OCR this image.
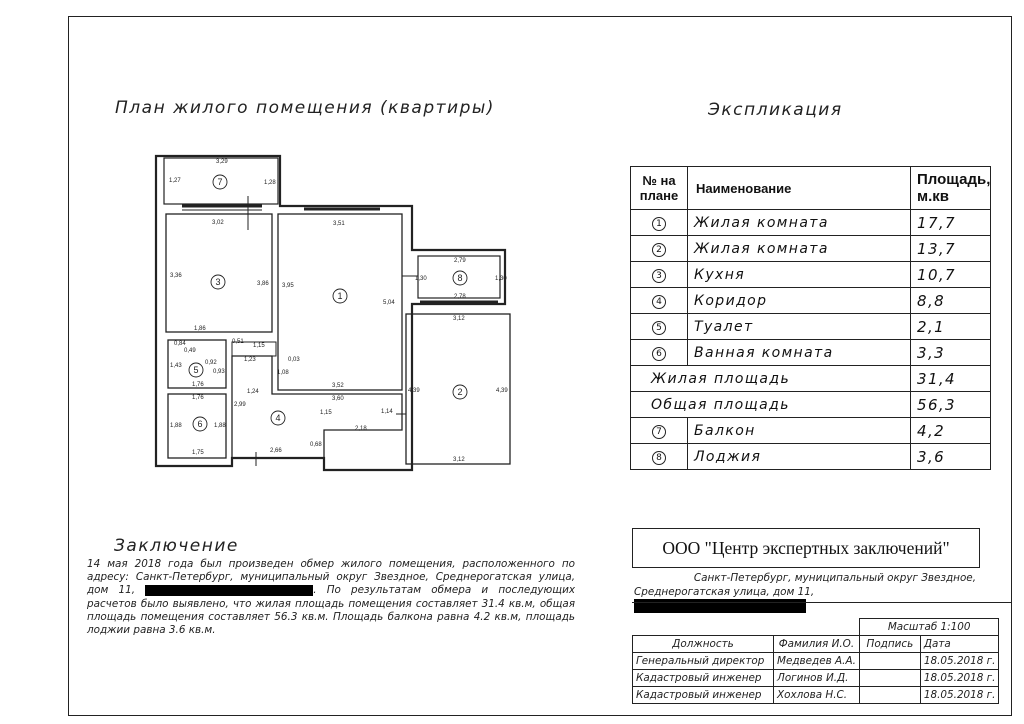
План жилого помещения (квартиры)	Экспликация
1
2
3
4
5
6
7
8
3,29
1,27	1,28
3,02
3,36
3,86
1,86
3,51
3,95
5,04
3,52
2,79
2,78
1,30	1,30
3,12
4,39	4,39
3,12
0,84
0,49
0,92
1,43
0,93
1,76
1,76
1,88	1,88
1,75
0,51
1,15
1,23	0,03
1,08
1,24
2,99
3,60
1,15	1,14
2,18
0,68
2,66
№ на плане	Наименование	Площадь, м.кв
1	Жилая комната	17,7
2	Жилая комната	13,7
3	Кухня	10,7
4	Коридор	8,8
5	Туалет	2,1
6	Ванная комната	3,3
Жилая площадь		31,4
Общая площадь		56,3
7	Балкон	4,2
8	Лоджия	3,6
Заключение

14 мая 2018 года был произведен обмер жилого помещения, расположенного по адресу: Санкт-Петербург, муниципальный округ Звездное, Среднерогатская улица, дом 11,	. По результатам обмера и последующих расчетов было выявлено, что жилая площадь помещения составляет 31.4 кв.м, общая площадь помещения составляет 56.3 кв.м. Площадь балкона равна 4.2 кв.м, площадь лоджии равна 3.6 кв.м.

ООО "Центр экспертных заключений"
Санкт-Петербург, муниципальный округ Звездное,
Среднерогатская улица, дом 11,
		Масштаб 1:100	
Должность	Фамилия И.О.	Подпись	Дата
Генеральный директор	Медведев А.А.		18.05.2018 г.
Кадастровый инженер	Логинов И.Д.		18.05.2018 г.
Кадастровый инженер	Хохлова Н.С.		18.05.2018 г.
